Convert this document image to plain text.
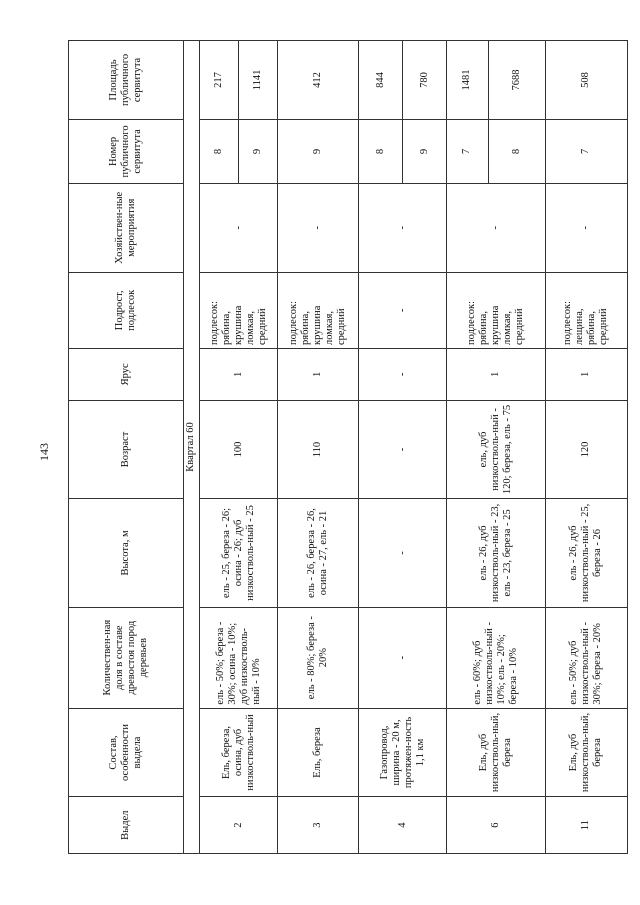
143
Выдел	Состав, особенности выдела	Количествен-ная доля в составе древостоя пород деревьев	Высота, м	Возраст	Ярус	Подрост, подлесок	Хозяйствен-ные мероприятия	Номер публичного сервитута	Площадь публичного сервитута
Квартал 60									
2	Ель, береза, осина, дуб низкостволь-ный	ель - 50%; береза - 30%; осина - 10%; дуб низкостволь-ный - 10%	ель - 25, береза - 26; осина - 26; дуб низкостволь-ный - 25	100	1	подлесок: рябина, крушина ломкая, средний	-	8	217
								9	1141
3	Ель, береза	ель - 80%; береза - 20%	ель - 26, береза - 26, осина - 27, ель - 21	110	1	подлесок: рябина, крушина ломкая, средний	-	9	412
4	Газопровод, ширина - 20 м, протяжен-ность 1,1 км	-	-	-	-	-	-	8	844
								9	780
6	Ель, дуб низкостволь-ный, береза	ель - 60%; дуб низкостволь-ный - 10%; ель - 20%; береза - 10%	ель - 26, дуб низкостволь-ный - 23, ель - 23, береза - 25	ель, дуб низкостволь-ный - 120; береза, ель - 75	1	подлесок: рябина, крушина ломкая, средний	-	7	1481
								8	7688
11	Ель, дуб низкостволь-ный, береза	ель - 50%; дуб низкостволь-ный - 30%; береза - 20%	ель - 26, дуб низкостволь-ный - 25, береза - 26	120	1	подлесок: лещина, рябина, средний	-	7	508
